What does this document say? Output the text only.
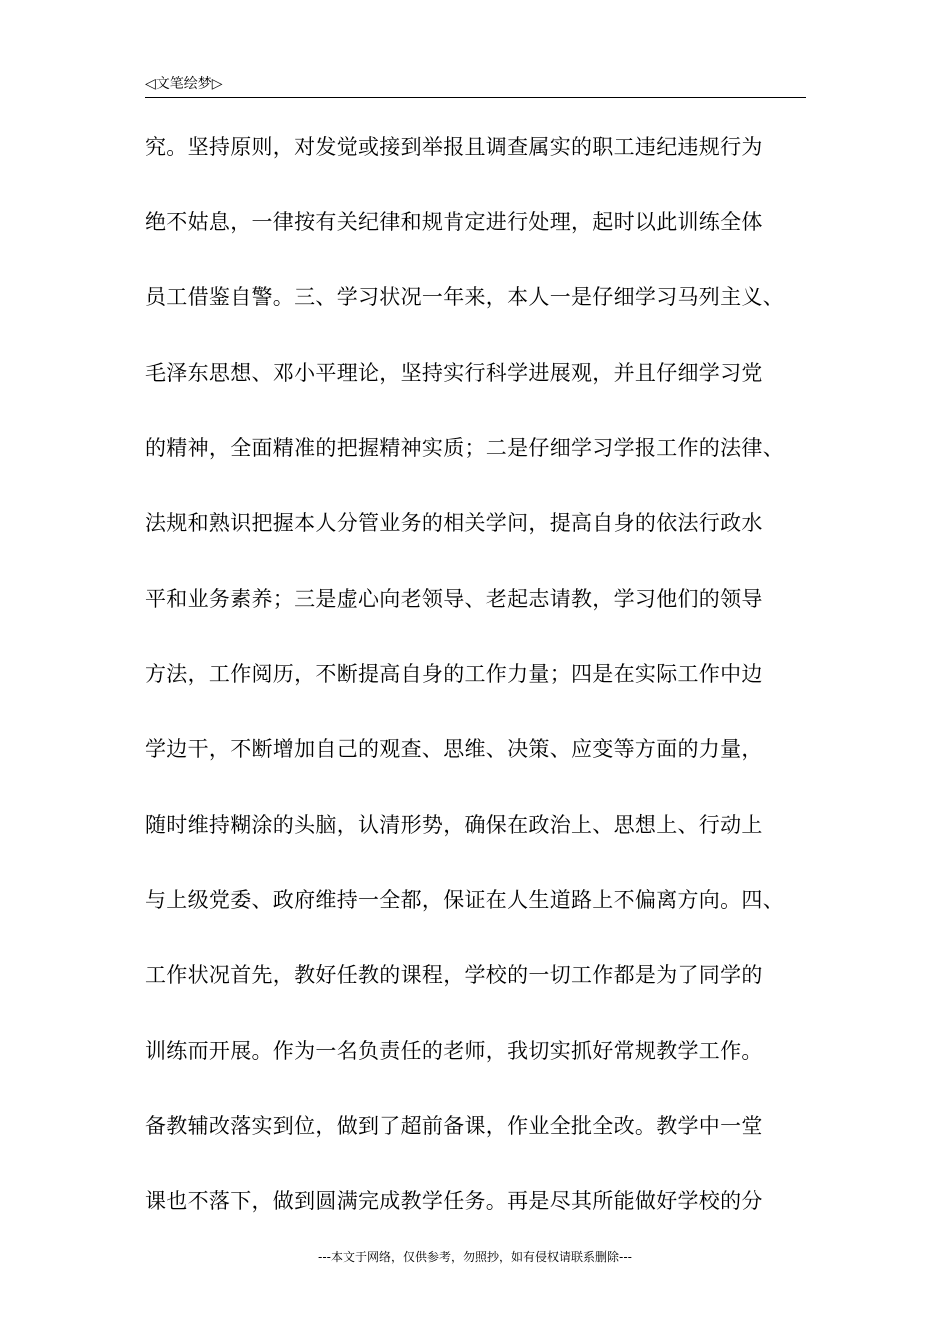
◁文笔绘梦▷
究。坚持原则，对发觉或接到举报且调查属实的职工违纪违规行为
绝不姑息，一律按有关纪律和规肯定进行处理，起时以此训练全体
员工借鉴自警。三、学习状况一年来，本人一是仔细学习马列主义、
毛泽东思想、邓小平理论，坚持实行科学进展观，并且仔细学习党
的精神，全面精准的把握精神实质；二是仔细学习学报工作的法律、
法规和熟识把握本人分管业务的相关学问，提高自身的依法行政水
平和业务素养；三是虚心向老领导、老起志请教，学习他们的领导
方法，工作阅历，不断提高自身的工作力量；四是在实际工作中边
学边干，不断增加自己的观查、思维、决策、应变等方面的力量，
随时维持糊涂的头脑，认清形势，确保在政治上、思想上、行动上
与上级党委、政府维持一全都，保证在人生道路上不偏离方向。四、
工作状况首先，教好任教的课程，学校的一切工作都是为了同学的
训练而开展。作为一名负责任的老师，我切实抓好常规教学工作。
备教辅改落实到位，做到了超前备课，作业全批全改。教学中一堂
课也不落下，做到圆满完成教学任务。再是尽其所能做好学校的分
---本文于网络，仅供参考，勿照抄，如有侵权请联系删除---
